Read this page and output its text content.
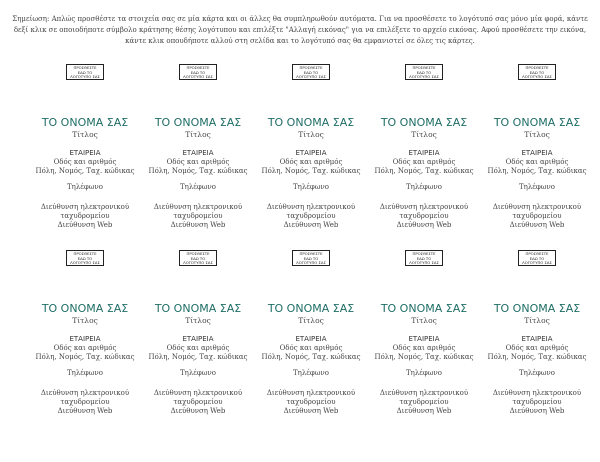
Σημείωση: Απλώς προσθέστε τα στοιχεία σας σε μία κάρτα και οι άλλες θα συμπληρωθούν αυτόματα. Για να προσθέσετε το λογότυπό σας μόνο μία φορά, κάντε
δεξί κλικ σε οποιοδήποτε σύμβολο κράτησης θέσης λογότυπου και επιλέξτε "Αλλαγή εικόνας" για να επιλέξετε το αρχείο εικόνας. Αφού προσθέσετε την εικόνα,
κάντε κλικ οπουδήποτε αλλού στη σελίδα και το λογότυπό σας θα εμφανιστεί σε όλες τις κάρτες.
ΠΡΟΣΘΕΣΤΕ
ΕΔΩ ΤΟ
ΛΟΓΟΤΥΠΟ ΣΑΣ
ΤΟ ΟΝΟΜΑ ΣΑΣ
Τίτλος
ΕΤΑΙΡΕΙΑ
Οδός και αριθμός
Πόλη, Νομός, Ταχ. κώδικας
Τηλέφωνο
Διεύθυνση ηλεκτρονικού
ταχυδρομείου
Διεύθυνση Web
ΠΡΟΣΘΕΣΤΕ
ΕΔΩ ΤΟ
ΛΟΓΟΤΥΠΟ ΣΑΣ
ΤΟ ΟΝΟΜΑ ΣΑΣ
Τίτλος
ΕΤΑΙΡΕΙΑ
Οδός και αριθμός
Πόλη, Νομός, Ταχ. κώδικας
Τηλέφωνο
Διεύθυνση ηλεκτρονικού
ταχυδρομείου
Διεύθυνση Web
ΠΡΟΣΘΕΣΤΕ
ΕΔΩ ΤΟ
ΛΟΓΟΤΥΠΟ ΣΑΣ
ΤΟ ΟΝΟΜΑ ΣΑΣ
Τίτλος
ΕΤΑΙΡΕΙΑ
Οδός και αριθμός
Πόλη, Νομός, Ταχ. κώδικας
Τηλέφωνο
Διεύθυνση ηλεκτρονικού
ταχυδρομείου
Διεύθυνση Web
ΠΡΟΣΘΕΣΤΕ
ΕΔΩ ΤΟ
ΛΟΓΟΤΥΠΟ ΣΑΣ
ΤΟ ΟΝΟΜΑ ΣΑΣ
Τίτλος
ΕΤΑΙΡΕΙΑ
Οδός και αριθμός
Πόλη, Νομός, Ταχ. κώδικας
Τηλέφωνο
Διεύθυνση ηλεκτρονικού
ταχυδρομείου
Διεύθυνση Web
ΠΡΟΣΘΕΣΤΕ
ΕΔΩ ΤΟ
ΛΟΓΟΤΥΠΟ ΣΑΣ
ΤΟ ΟΝΟΜΑ ΣΑΣ
Τίτλος
ΕΤΑΙΡΕΙΑ
Οδός και αριθμός
Πόλη, Νομός, Ταχ. κώδικας
Τηλέφωνο
Διεύθυνση ηλεκτρονικού
ταχυδρομείου
Διεύθυνση Web
ΠΡΟΣΘΕΣΤΕ
ΕΔΩ ΤΟ
ΛΟΓΟΤΥΠΟ ΣΑΣ
ΤΟ ΟΝΟΜΑ ΣΑΣ
Τίτλος
ΕΤΑΙΡΕΙΑ
Οδός και αριθμός
Πόλη, Νομός, Ταχ. κώδικας
Τηλέφωνο
Διεύθυνση ηλεκτρονικού
ταχυδρομείου
Διεύθυνση Web
ΠΡΟΣΘΕΣΤΕ
ΕΔΩ ΤΟ
ΛΟΓΟΤΥΠΟ ΣΑΣ
ΤΟ ΟΝΟΜΑ ΣΑΣ
Τίτλος
ΕΤΑΙΡΕΙΑ
Οδός και αριθμός
Πόλη, Νομός, Ταχ. κώδικας
Τηλέφωνο
Διεύθυνση ηλεκτρονικού
ταχυδρομείου
Διεύθυνση Web
ΠΡΟΣΘΕΣΤΕ
ΕΔΩ ΤΟ
ΛΟΓΟΤΥΠΟ ΣΑΣ
ΤΟ ΟΝΟΜΑ ΣΑΣ
Τίτλος
ΕΤΑΙΡΕΙΑ
Οδός και αριθμός
Πόλη, Νομός, Ταχ. κώδικας
Τηλέφωνο
Διεύθυνση ηλεκτρονικού
ταχυδρομείου
Διεύθυνση Web
ΠΡΟΣΘΕΣΤΕ
ΕΔΩ ΤΟ
ΛΟΓΟΤΥΠΟ ΣΑΣ
ΤΟ ΟΝΟΜΑ ΣΑΣ
Τίτλος
ΕΤΑΙΡΕΙΑ
Οδός και αριθμός
Πόλη, Νομός, Ταχ. κώδικας
Τηλέφωνο
Διεύθυνση ηλεκτρονικού
ταχυδρομείου
Διεύθυνση Web
ΠΡΟΣΘΕΣΤΕ
ΕΔΩ ΤΟ
ΛΟΓΟΤΥΠΟ ΣΑΣ
ΤΟ ΟΝΟΜΑ ΣΑΣ
Τίτλος
ΕΤΑΙΡΕΙΑ
Οδός και αριθμός
Πόλη, Νομός, Ταχ. κώδικας
Τηλέφωνο
Διεύθυνση ηλεκτρονικού
ταχυδρομείου
Διεύθυνση Web
